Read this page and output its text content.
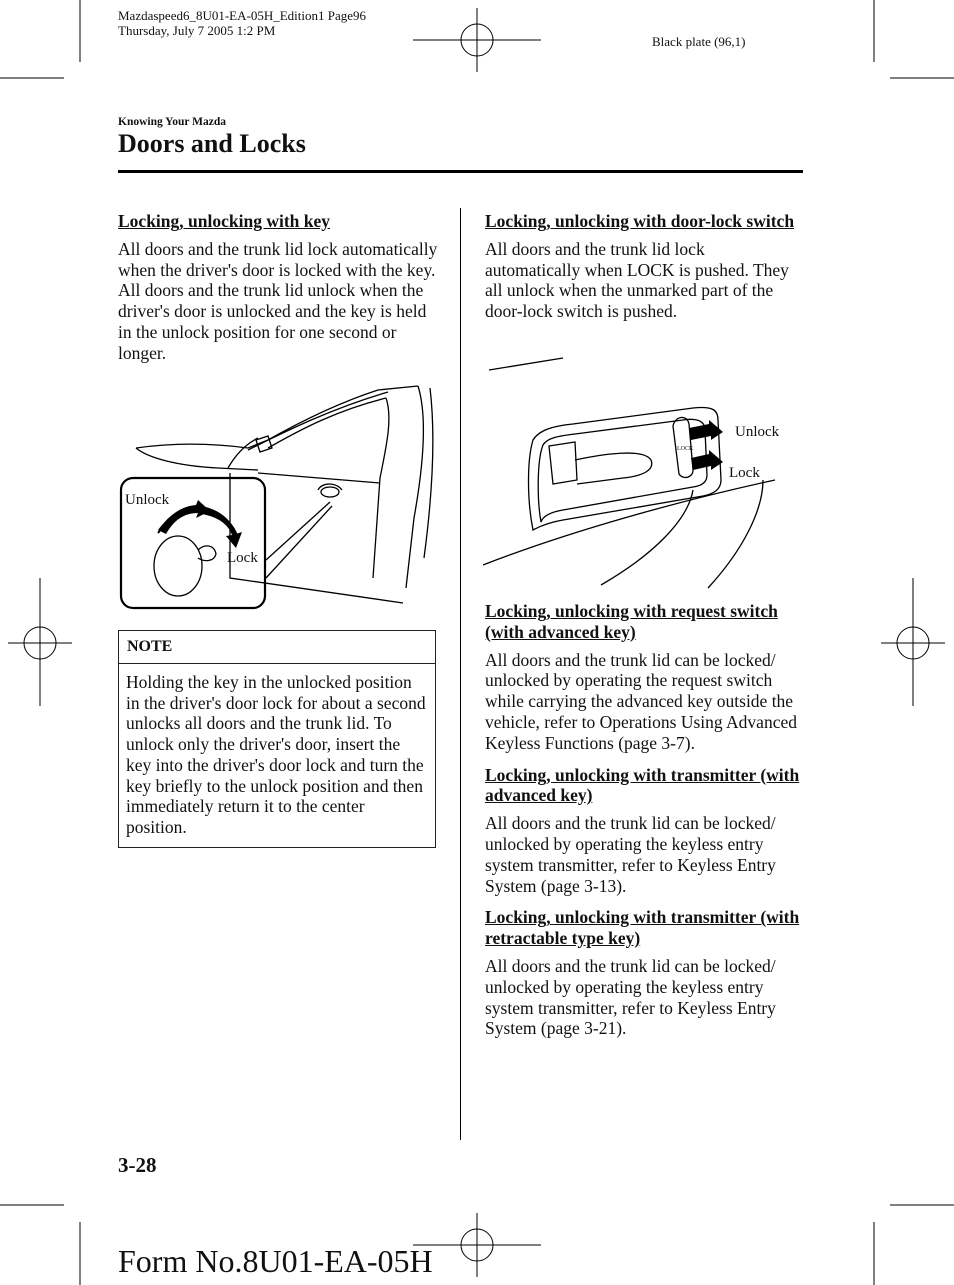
Mazdaspeed6_8U01-EA-05H_Edition1 Page96
Thursday, July 7 2005 1:2 PM
Black plate (96,1)
Knowing Your Mazda
Doors and Locks
Locking, unlocking with key
All doors and the trunk lid lock automatically when the driver's door is locked with the key. All doors and the trunk lid unlock when the driver's door is unlocked and the key is held in the unlock position for one second or longer.
Unlock
Lock
NOTE
Holding the key in the unlocked position in the driver's door lock for about a second unlocks all doors and the trunk lid. To unlock only the driver's door, insert the key into the driver's door lock and turn the key briefly to the unlock position and then immediately return it to the center position.
Locking, unlocking with door-lock switch
All doors and the trunk lid lock automatically when LOCK is pushed. They all unlock when the unmarked part of the door-lock switch is pushed.
LOCK
Unlock
Lock
Locking, unlocking with request switch (with advanced key)
All doors and the trunk lid can be locked/ unlocked by operating the request switch while carrying the advanced key outside the vehicle, refer to Operations Using Advanced Keyless Functions (page 3-7).
Locking, unlocking with transmitter (with advanced key)
All doors and the trunk lid can be locked/ unlocked by operating the keyless entry system transmitter, refer to Keyless Entry System (page 3-13).
Locking, unlocking with transmitter (with retractable type key)
All doors and the trunk lid can be locked/ unlocked by operating the keyless entry system transmitter, refer to Keyless Entry System (page 3-21).
3-28
Form No.8U01-EA-05H
